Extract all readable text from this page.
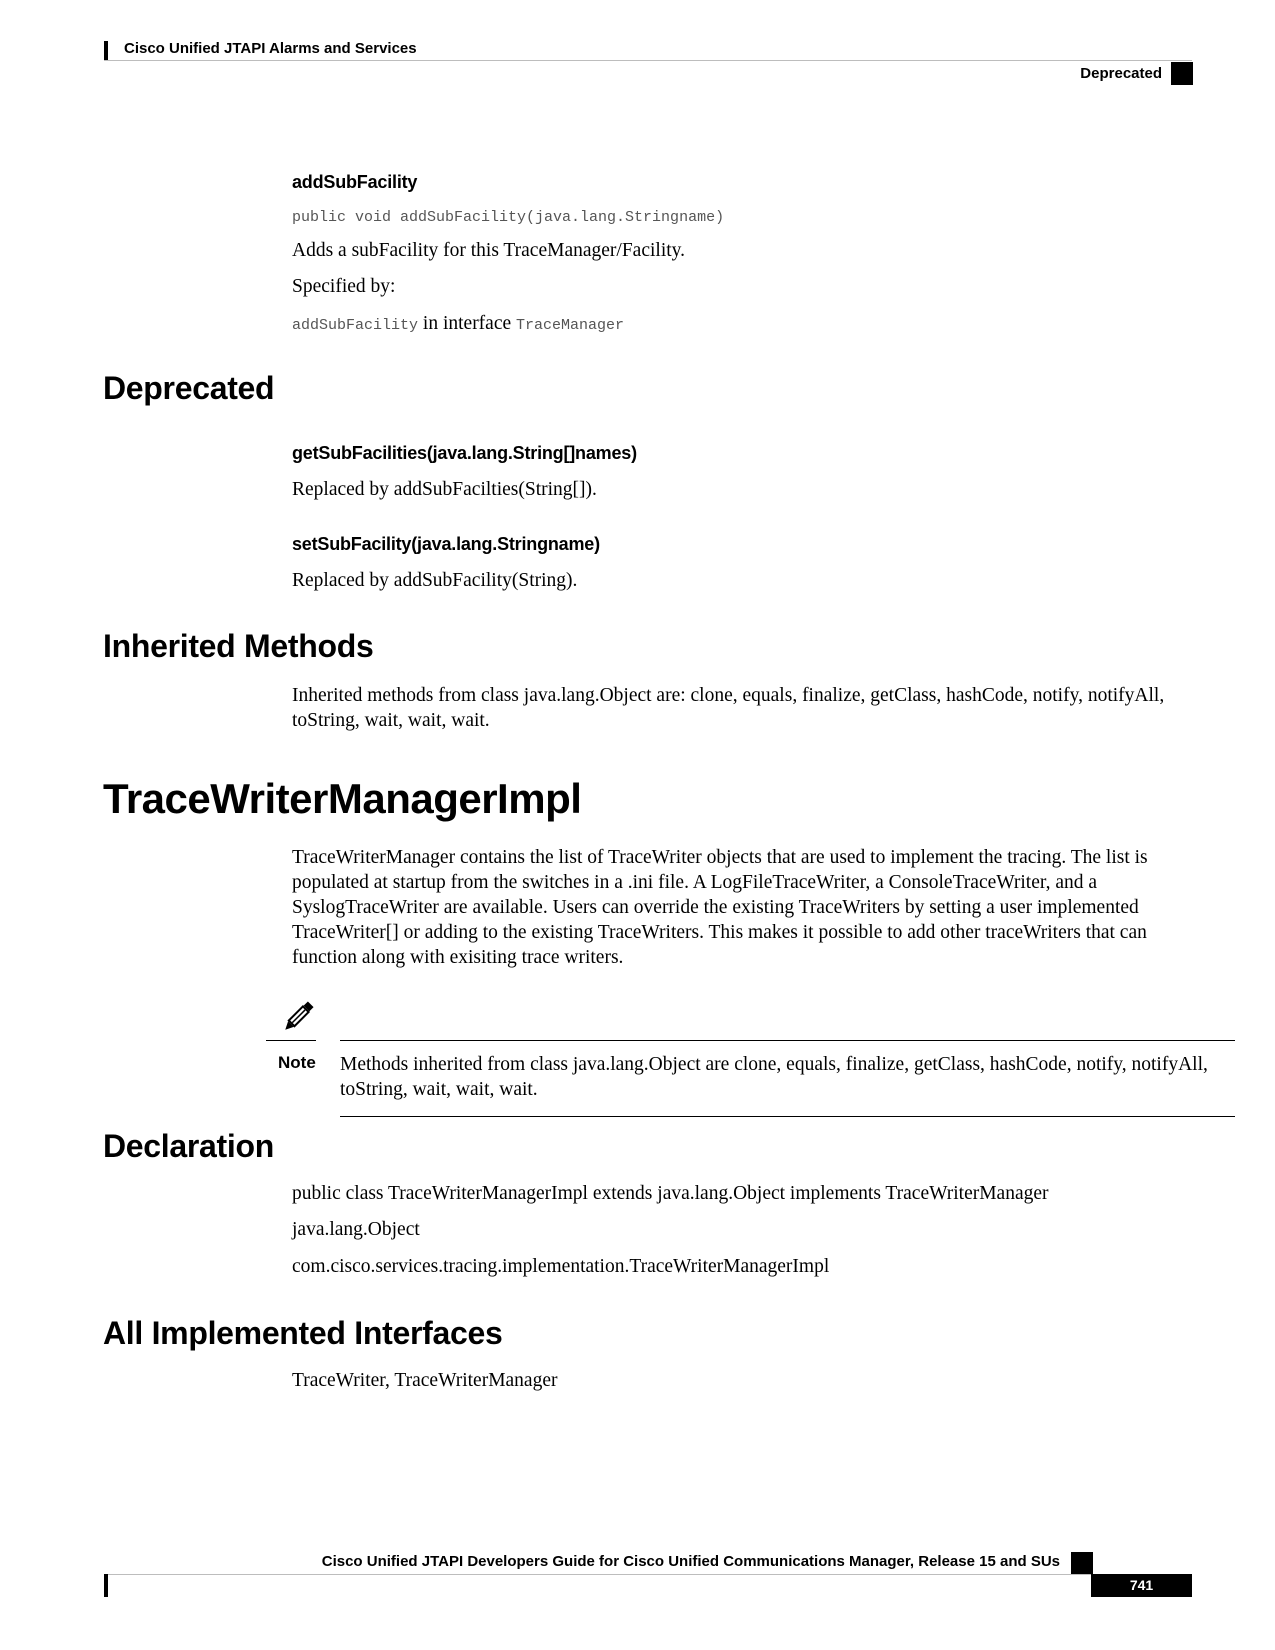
Cisco Unified JTAPI Alarms and Services
Deprecated
addSubFacility
public void addSubFacility(java.lang.Stringname)
Adds a subFacility for this TraceManager/Facility.
Specified by:
addSubFacility in interface TraceManager
Deprecated
getSubFacilities(java.lang.String[]names)
Replaced by addSubFacilties(String[]).
setSubFacility(java.lang.Stringname)
Replaced by addSubFacility(String).
Inherited Methods
Inherited methods from class java.lang.Object are: clone, equals, finalize, getClass, hashCode, notify, notifyAll, toString, wait, wait, wait.
TraceWriterManagerImpl
TraceWriterManager contains the list of TraceWriter objects that are used to implement the tracing. The list is populated at startup from the switches in a .ini file. A LogFileTraceWriter, a ConsoleTraceWriter, and a SyslogTraceWriter are available. Users can override the existing TraceWriters by setting a user implemented TraceWriter[] or adding to the existing TraceWriters. This makes it possible to add other traceWriters that can function along with exisiting trace writers.
Note Methods inherited from class java.lang.Object are clone, equals, finalize, getClass, hashCode, notify, notifyAll, toString, wait, wait, wait.
Declaration
public class TraceWriterManagerImpl extends java.lang.Object implements TraceWriterManager
java.lang.Object
com.cisco.services.tracing.implementation.TraceWriterManagerImpl
All Implemented Interfaces
TraceWriter, TraceWriterManager
Cisco Unified JTAPI Developers Guide for Cisco Unified Communications Manager, Release 15 and SUs
741
